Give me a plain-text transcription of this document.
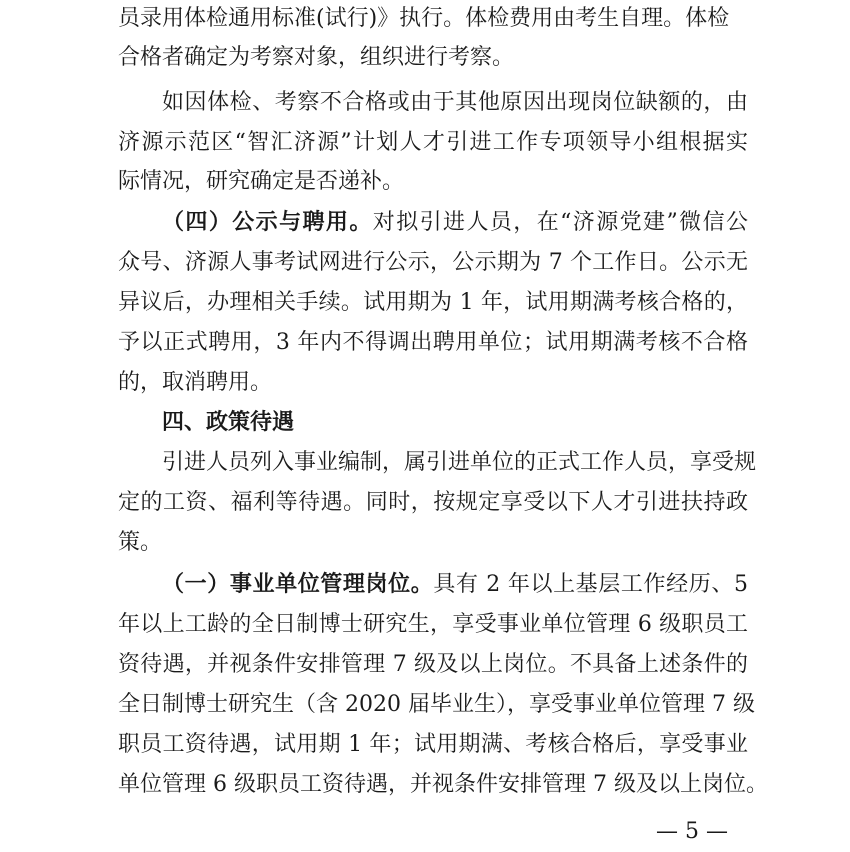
员录用体检通用标准(试行)》执行。体检费用由考生自理。体检
合格者确定为考察对象，组织进行考察。
如因体检、考察不合格或由于其他原因出现岗位缺额的，由
济源示范区“智汇济源”计划人才引进工作专项领导小组根据实
际情况，研究确定是否递补。
（四）公示与聘用。对拟引进人员，在“济源党建”微信公
众号、济源人事考试网进行公示，公示期为 7 个工作日。公示无
异议后，办理相关手续。试用期为 1 年，试用期满考核合格的，
予以正式聘用，3 年内不得调出聘用单位；试用期满考核不合格
的，取消聘用。
四、政策待遇
引进人员列入事业编制，属引进单位的正式工作人员，享受规
定的工资、福利等待遇。同时，按规定享受以下人才引进扶持政
策。
（一）事业单位管理岗位。具有 2 年以上基层工作经历、5
年以上工龄的全日制博士研究生，享受事业单位管理 6 级职员工
资待遇，并视条件安排管理 7 级及以上岗位。不具备上述条件的
全日制博士研究生（含 2020 届毕业生），享受事业单位管理 7 级
职员工资待遇，试用期 1 年；试用期满、考核合格后，享受事业
单位管理 6 级职员工资待遇，并视条件安排管理 7 级及以上岗位。
— 5 —
